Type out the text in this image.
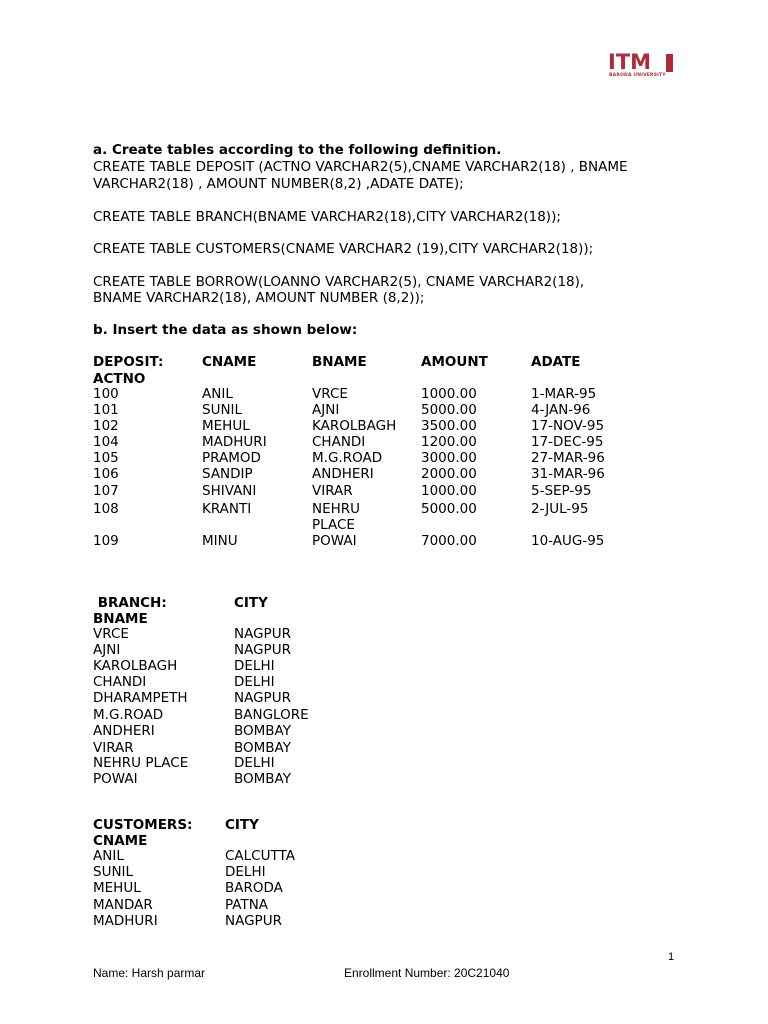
ITM
BARODA UNIVERSITY
a. Create tables according to the following definition.
CREATE TABLE DEPOSIT (ACTNO VARCHAR2(5),CNAME VARCHAR2(18) , BNAME
VARCHAR2(18) , AMOUNT NUMBER(8,2) ,ADATE DATE);
CREATE TABLE BRANCH(BNAME VARCHAR2(18),CITY VARCHAR2(18));
CREATE TABLE CUSTOMERS(CNAME VARCHAR2 (19),CITY VARCHAR2(18));
CREATE TABLE BORROW(LOANNO VARCHAR2(5), CNAME VARCHAR2(18),
BNAME VARCHAR2(18), AMOUNT NUMBER (8,2));
b. Insert the data as shown below:
DEPOSIT:	CNAME	BNAME	AMOUNT	ADATE
ACTNO
100	ANIL	VRCE	1000.00	1-MAR-95
101	SUNIL	AJNI	5000.00	4-JAN-96
102	MEHUL	KAROLBAGH 3500.00	17-NOV-95
104	MADHURI	CHANDI	1200.00	17-DEC-95
105	PRAMOD	M.G.ROAD	3000.00	27-MAR-96
106	SANDIP	ANDHERI	2000.00	31-MAR-96
107	SHIVANI	VIRAR	1000.00	5-SEP-95
108	KRANTI	NEHRU	5000.00	2-JUL-95
PLACE
109	MINU	POWAI	7000.00	10-AUG-95
BRANCH:	CITY
BNAME
VRCE	NAGPUR
AJNI	NAGPUR
KAROLBAGH	DELHI
CHANDI	DELHI
DHARAMPETH	NAGPUR
M.G.ROAD	BANGLORE
ANDHERI	BOMBAY
VIRAR	BOMBAY
NEHRU PLACE	DELHI
POWAI	BOMBAY
CUSTOMERS: CITY
CNAME
ANIL	CALCUTTA
SUNIL	DELHI
MEHUL	BARODA
MANDAR	PATNA
MADHURI	NAGPUR
1
Name: Harsh parmar	Enrollment Number: 20C21040
